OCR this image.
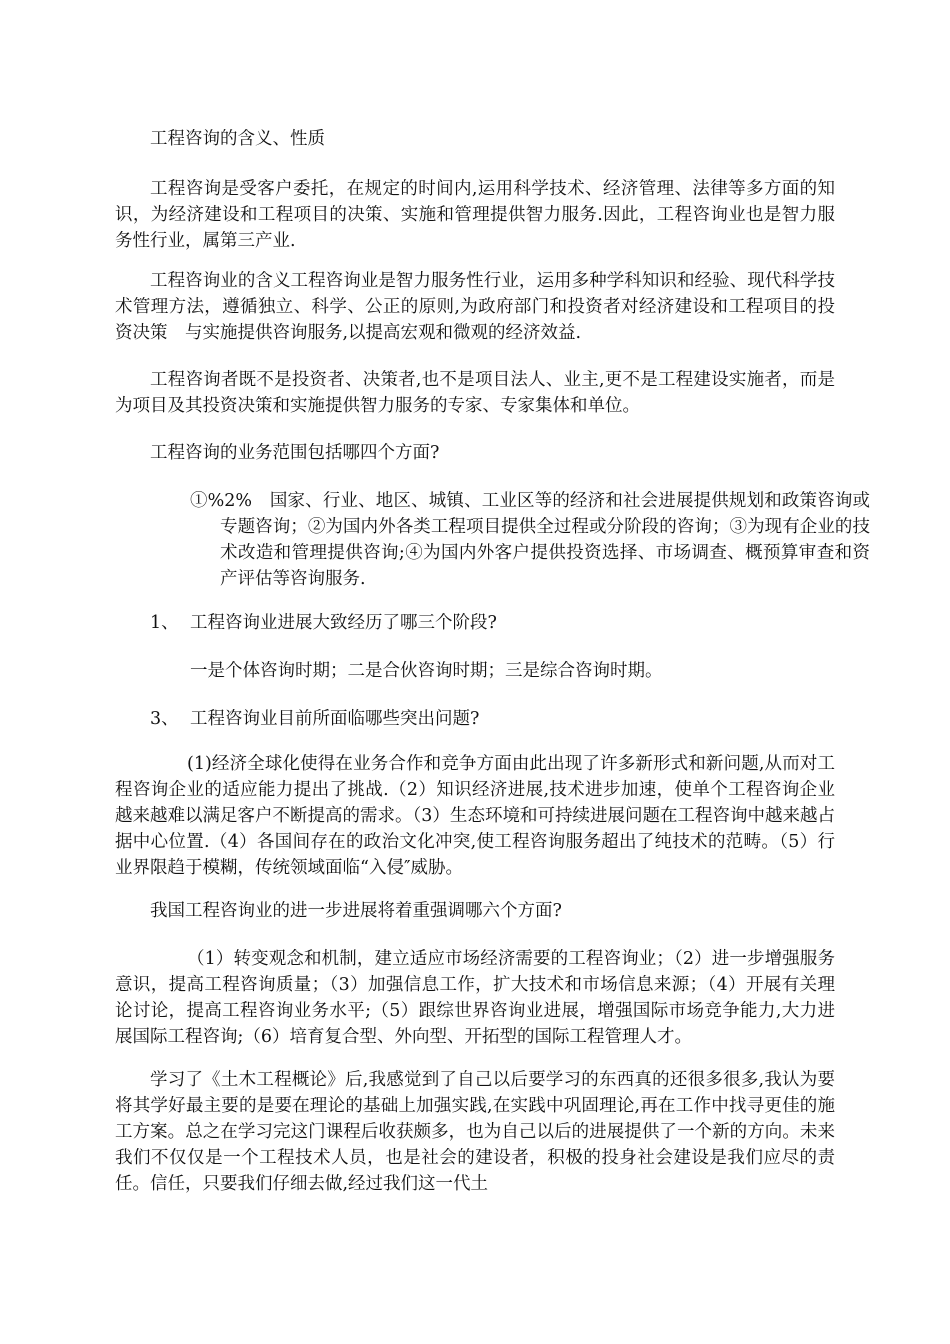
工程咨询的含义、性质

工程咨询是受客户委托，在规定的时间内,运用科学技术、经济管理、法律等多方面的知识，为经济建设和工程项目的决策、实施和管理提供智力服务.因此，工程咨询业也是智力服务性行业，属第三产业.

工程咨询业的含义工程咨询业是智力服务性行业，运用多种学科知识和经验、现代科学技术管理方法，遵循独立、科学、公正的原则,为政府部门和投资者对经济建设和工程项目的投资决策　与实施提供咨询服务,以提高宏观和微观的经济效益.

工程咨询者既不是投资者、决策者,也不是项目法人、业主,更不是工程建设实施者，而是为项目及其投资决策和实施提供智力服务的专家、专家集体和单位。

工程咨询的业务范围包括哪四个方面?

①%2%　国家、行业、地区、城镇、工业区等的经济和社会进展提供规划和政策咨询或专题咨询；②为国内外各类工程项目提供全过程或分阶段的咨询；③为现有企业的技术改造和管理提供咨询;④为国内外客户提供投资选择、市场调查、概预算审查和资产评估等咨询服务.

1、 工程咨询业进展大致经历了哪三个阶段?
一是个体咨询时期；二是合伙咨询时期；三是综合咨询时期。
3、 工程咨询业目前所面临哪些突出问题?

(1)经济全球化使得在业务合作和竞争方面由此出现了许多新形式和新问题,从而对工程咨询企业的适应能力提出了挑战.（2）知识经济进展,技术进步加速，使单个工程咨询企业越来越难以满足客户不断提高的需求。（3）生态环境和可持续进展问题在工程咨询中越来越占据中心位置.（4）各国间存在的政治文化冲突,使工程咨询服务超出了纯技术的范畴。（5）行业界限趋于模糊，传统领域面临“入侵″威胁。

我国工程咨询业的进一步进展将着重强调哪六个方面?

（1）转变观念和机制，建立适应市场经济需要的工程咨询业；（2）进一步增强服务意识，提高工程咨询质量；（3）加强信息工作，扩大技术和市场信息来源；（4）开展有关理论讨论，提高工程咨询业务水平;（5）跟综世界咨询业进展，增强国际市场竞争能力,大力进展国际工程咨询;（6）培育复合型、外向型、开拓型的国际工程管理人才。

学习了《土木工程概论》后,我感觉到了自己以后要学习的东西真的还很多很多,我认为要将其学好最主要的是要在理论的基础上加强实践,在实践中巩固理论,再在工作中找寻更佳的施工方案。总之在学习完这门课程后收获颇多，也为自己以后的进展提供了一个新的方向。未来我们不仅仅是一个工程技术人员，也是社会的建设者，积极的投身社会建设是我们应尽的责任。信任，只要我们仔细去做,经过我们这一代土
